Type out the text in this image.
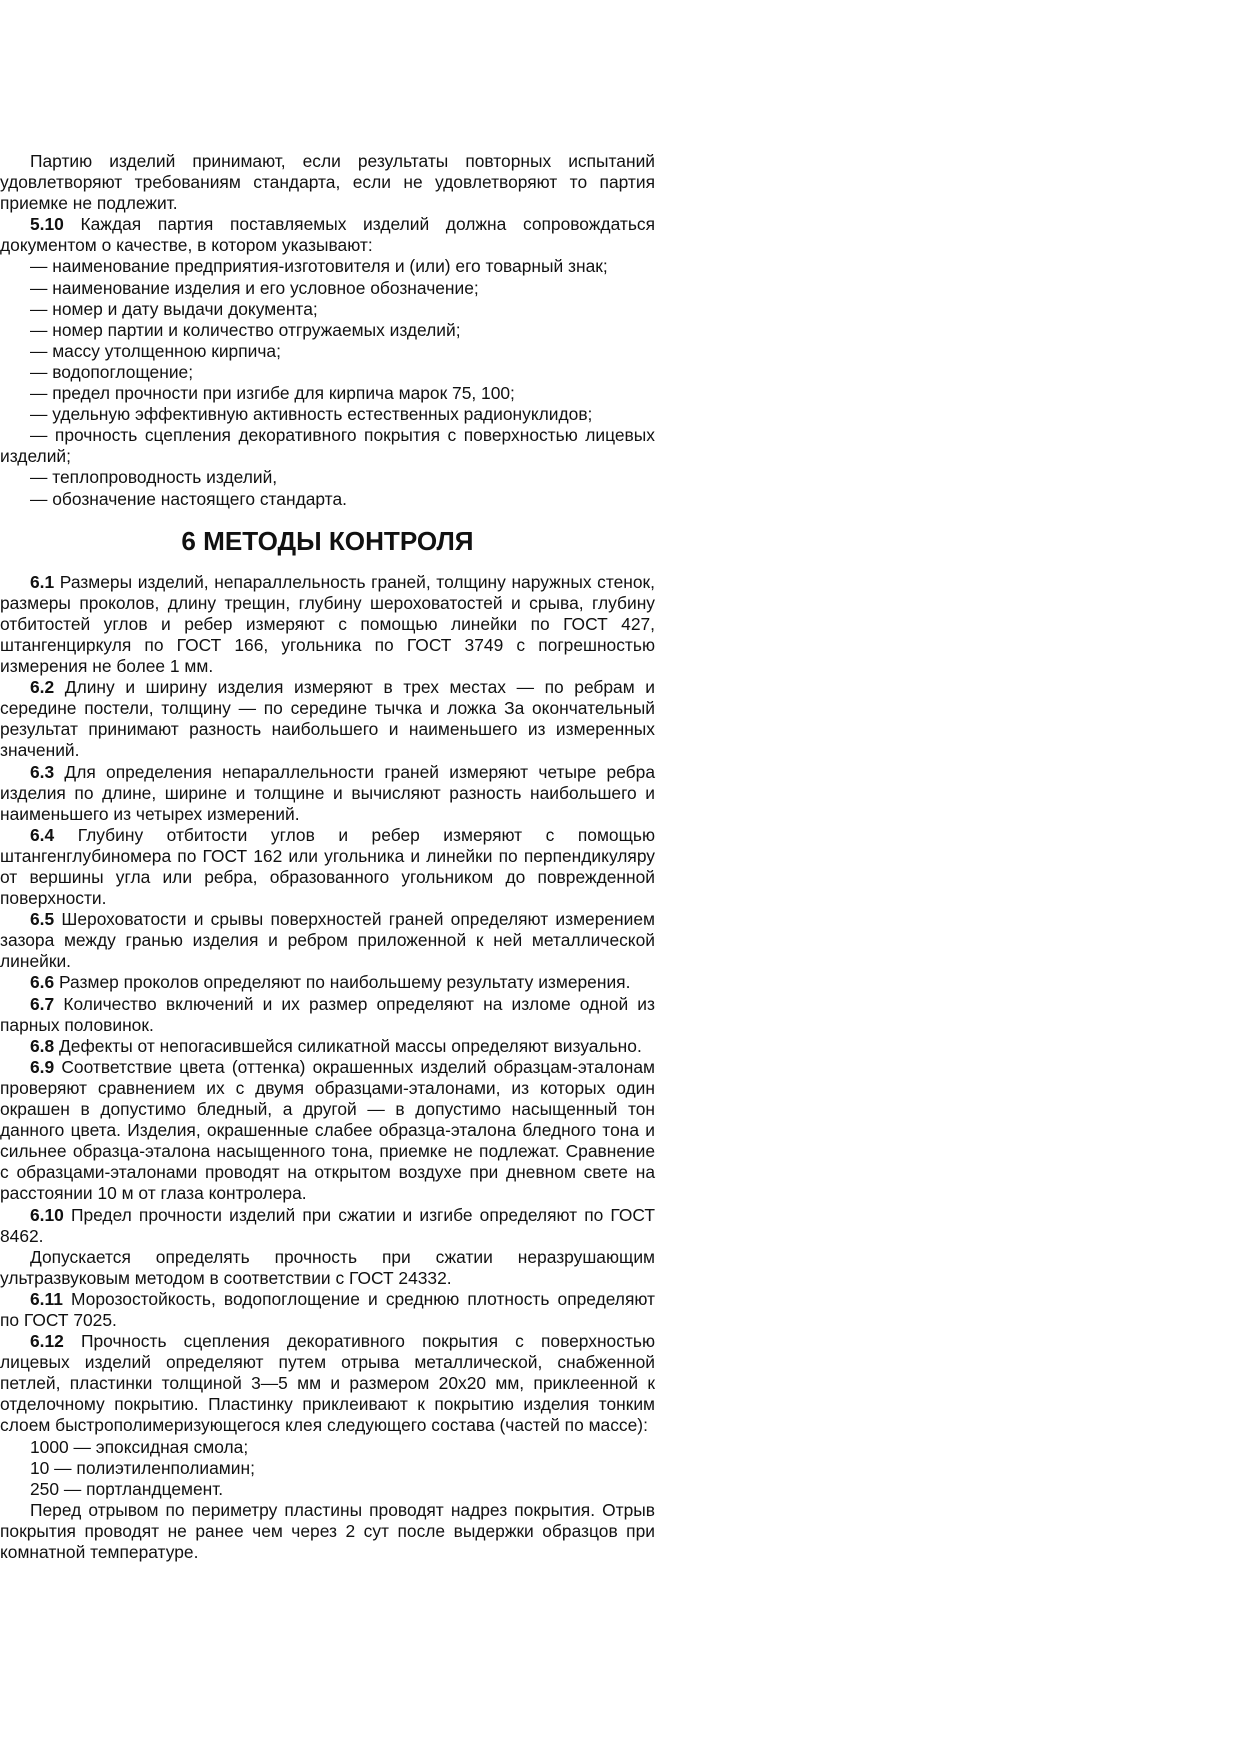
Партию изделий принимают, если результаты повторных испытаний удовлетворяют требованиям стандарта, если не удовлетворяют то партия приемке не подлежит.

5.10 Каждая партия поставляемых изделий должна сопровождаться документом о качестве, в котором указывают:

— наименование предприятия-изготовителя и (или) его товарный знак;

— наименование изделия и его условное обозначение;

— номер и дату выдачи документа;

— номер партии и количество отгружаемых изделий;

— массу утолщенною кирпича;

— водопоглощение;

— предел прочности при изгибе для кирпича марок 75, 100;

— удельную эффективную активность естественных радионуклидов;

— прочность сцепления декоративного покрытия с поверхностью лицевых изделий;

— теплопроводность изделий,

— обозначение настоящего стандарта.

6 МЕТОДЫ КОНТРОЛЯ

6.1 Размеры изделий, непараллельность граней, толщину наружных стенок, размеры проколов, длину трещин, глубину шероховатостей и срыва, глубину отбитостей углов и ребер измеряют с помощью линейки по ГОСТ 427, штангенциркуля по ГОСТ 166, угольника по ГОСТ 3749 с погрешностью измерения не более 1 мм.

6.2 Длину и ширину изделия измеряют в трех местах — по ребрам и середине постели, толщину — по середине тычка и ложка За окончательный результат принимают разность наибольшего и наименьшего из измеренных значений.

6.3 Для определения непараллельности граней измеряют четыре ребра изделия по длине, ширине и толщине и вычисляют разность наибольшего и наименьшего из четырех измерений.

6.4 Глубину отбитости углов и ребер измеряют с помощью штангенглубиномера по ГОСТ 162 или угольника и линейки по перпендикуляру от вершины угла или ребра, образованного угольником до поврежденной поверхности.

6.5 Шероховатости и срывы поверхностей граней определяют измерением зазора между гранью изделия и ребром приложенной к ней металлической линейки.

6.6 Размер проколов определяют по наибольшему результату измерения.

6.7 Количество включений и их размер определяют на изломе одной из парных половинок.

6.8 Дефекты от непогасившейся силикатной массы определяют визуально.

6.9 Соответствие цвета (оттенка) окрашенных изделий образцам-эталонам проверяют сравнением их с двумя образцами-эталонами, из которых один окрашен в допустимо бледный, а другой — в допустимо насыщенный тон данного цвета. Изделия, окрашенные слабее образца-эталона бледного тона и сильнее образца-эталона насыщенного тона, приемке не подлежат. Сравнение с образцами-эталонами проводят на открытом воздухе при дневном свете на расстоянии 10 м от глаза контролера.

6.10 Предел прочности изделий при сжатии и изгибе определяют по ГОСТ 8462.

Допускается определять прочность при сжатии неразрушающим ультразвуковым методом в соответствии с ГОСТ 24332.

6.11 Морозостойкость, водопоглощение и среднюю плотность определяют по ГОСТ 7025.

6.12 Прочность сцепления декоративного покрытия с поверхностью лицевых изделий определяют путем отрыва металлической, снабженной петлей, пластинки толщиной 3—5 мм и размером 20х20 мм, приклеенной к отделочному покрытию. Пластинку приклеивают к покрытию изделия тонким слоем быстрополимеризующегося клея следующего состава (частей по массе):

1000 — эпоксидная смола;

10 — полиэтиленполиамин;

250 — портландцемент.

Перед отрывом по периметру пластины проводят надрез покрытия. Отрыв покрытия проводят не ранее чем через 2 сут после выдержки образцов при комнатной температуре.
